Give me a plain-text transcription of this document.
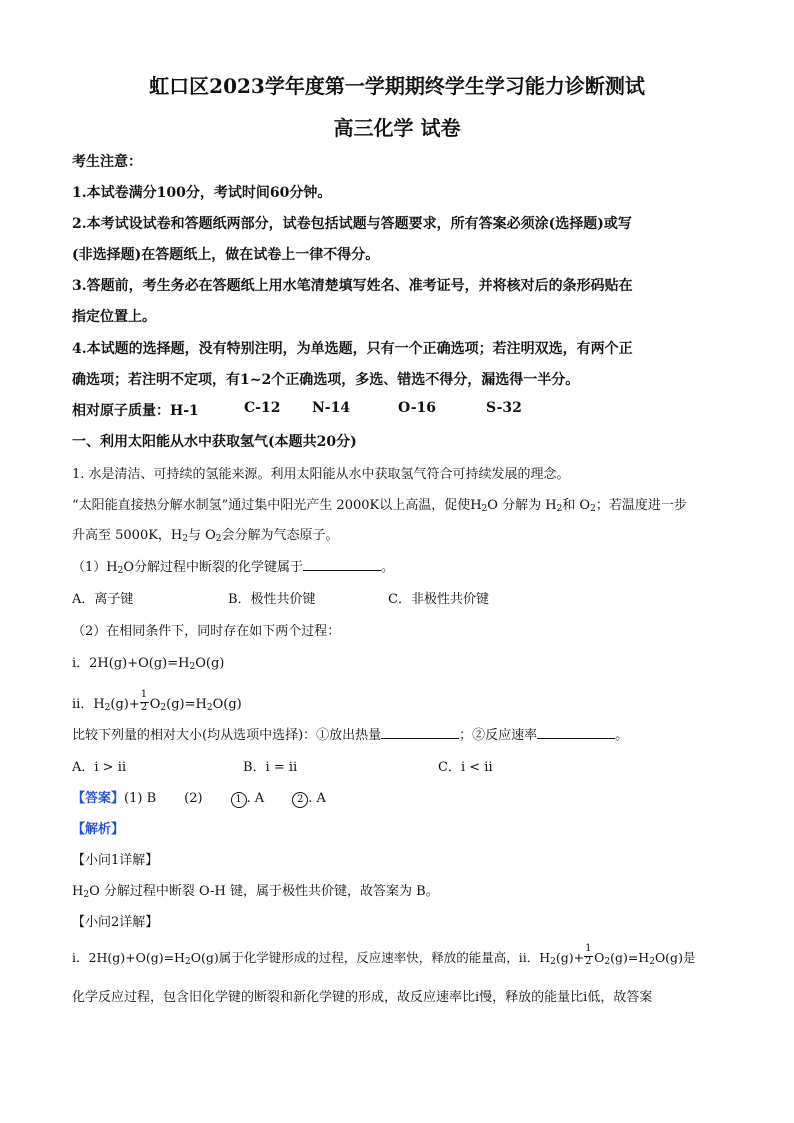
虹口区2023学年度第一学期期终学生学习能力诊断测试
高三化学 试卷
考生注意：
1.本试卷满分100分，考试时间60分钟。
2.本考试设试卷和答题纸两部分，试卷包括试题与答题要求，所有答案必须涂(选择题)或写
(非选择题)在答题纸上，做在试卷上一律不得分。
3.答题前，考生务必在答题纸上用水笔清楚填写姓名、准考证号，并将核对后的条形码贴在
指定位置上。
4.本试题的选择题，没有特别注明，为单选题，只有一个正确选项；若注明双选，有两个正
确选项；若注明不定项，有1~2个正确选项，多选、错选不得分，漏选得一半分。
相对原子质量：H-1	C-12 N-14	O-16	S-32
一、利用太阳能从水中获取氢气(本题共20分)
1. 水是清洁、可持续的氢能来源。利用太阳能从水中获取氢气符合可持续发展的理念。
“太阳能直接热分解水制氢”通过集中阳光产生 2000K以上高温，促使$H_2O$ 分解为 $H_2$和 $O_2$；若温度进一步
升高至 5000K，$H_2$与 $O_2$会分解为气态原子。
$(1)H_2O$分解过程中断裂的化学键属于	。
A．离子键	B．极性共价键	C．非极性共价键
（2）在相同条件下，同时存在如下两个过程：
ⅰ．$2H(g)+O(g)=H_2O(g)$
ⅱ．$H_2(g)+ \frac{1}{2} O_2(g)=H_2O(g)$
比较下列量的相对大小(均从选项中选择)：①放出热量	；②反应速率	。
A．ⅰ > ⅱ	B．ⅰ = ⅱ	C．ⅰ < ⅱ
【答案】(1) B (2)	1 . A	2 . A
【解析】
【小问1详解】
$H_2O$ 分解过程中断裂 O-H 键，属于极性共价键，故答案为 B。
【小问2详解】
ⅰ．$2H(g)+O(g)=H_2O(g)$属于化学键形成的过程，反应速率快，释放的能量高，ⅱ．$H_2(g)+ \frac{1}{2} O_2(g)=H_2O(g)$是
化学反应过程，包含旧化学键的断裂和新化学键的形成，故反应速率比ⅰ慢，释放的能量比ⅰ低，故答案
